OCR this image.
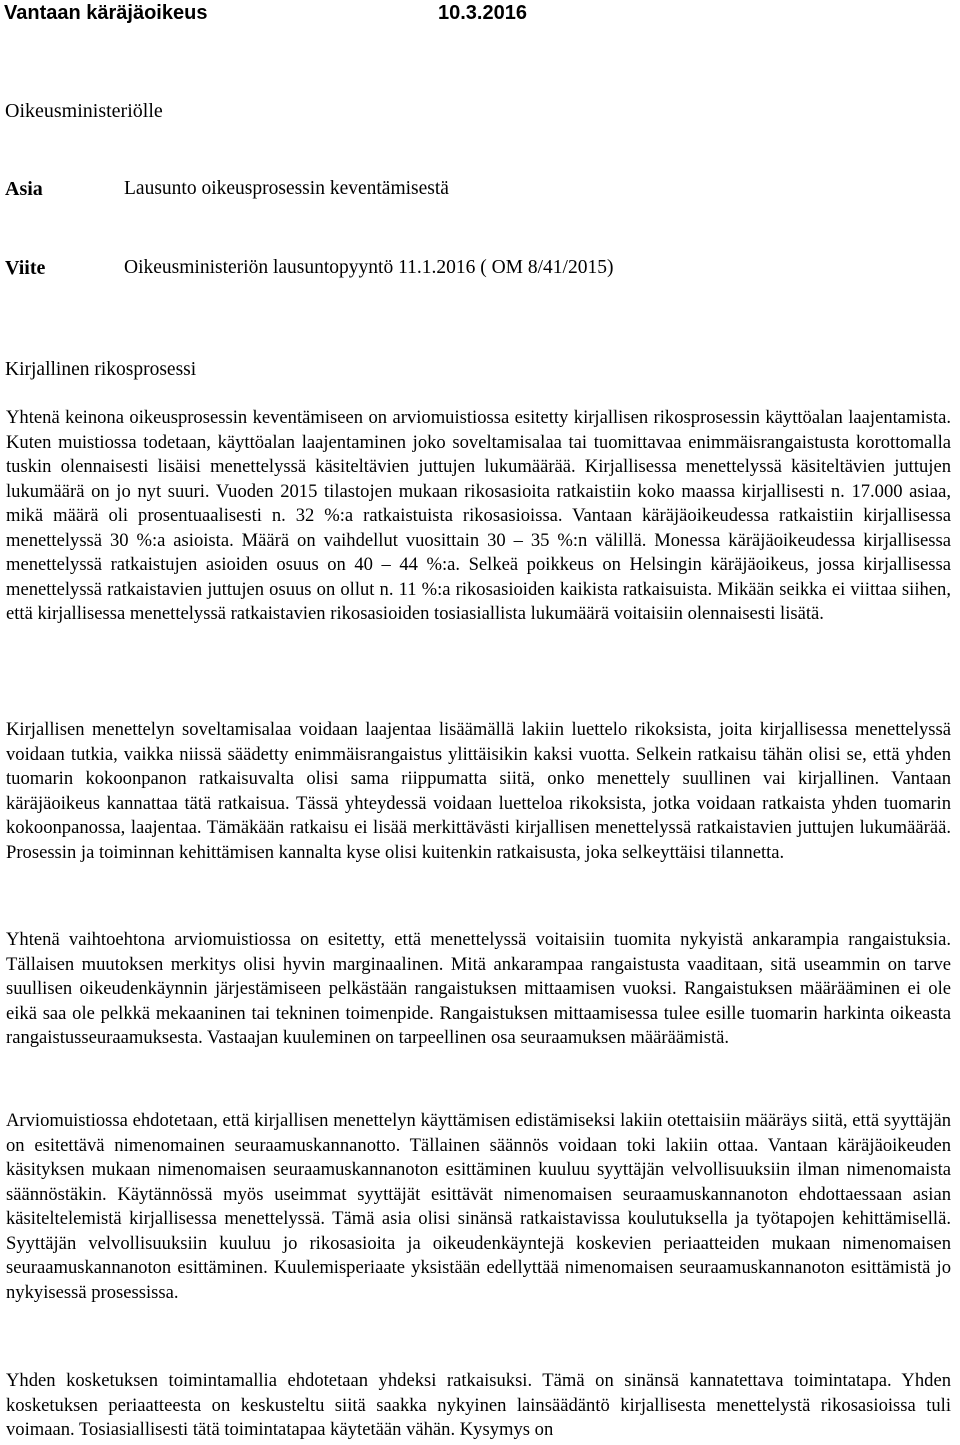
Vantaan käräjäoikeus	10.3.2016
Oikeusministeriölle
Asia	Lausunto oikeusprosessin keventämisestä
Viite	Oikeusministeriön lausuntopyyntö 11.1.2016 ( OM 8/41/2015)
Kirjallinen rikosprosessi
Yhtenä keinona oikeusprosessin keventämiseen on arviomuistiossa esitetty kirjallisen rikosprosessin käyttöalan laajentamista. Kuten muistiossa todetaan, käyttöalan laajentaminen joko soveltamisalaa tai tuomittavaa enimmäisrangaistusta korottomalla tuskin olennaisesti lisäisi menettelyssä käsiteltävien juttujen lukumäärää. Kirjallisessa menettelyssä käsiteltävien juttujen lukumäärä on jo nyt suuri. Vuoden 2015 tilastojen mukaan rikosasioita ratkaistiin koko maassa kirjallisesti n. 17.000 asiaa, mikä määrä oli prosentuaalisesti n. 32 %:a ratkaistuista rikosasioissa. Vantaan käräjäoikeudessa ratkaistiin kirjallisessa menettelyssä 30 %:a asioista. Määrä on vaihdellut vuosittain 30 – 35 %:n välillä. Monessa käräjäoikeudessa kirjallisessa menettelyssä ratkaistujen asioiden osuus on 40 – 44 %:a. Selkeä poikkeus on Helsingin käräjäoikeus, jossa kirjallisessa menettelyssä ratkaistavien juttujen osuus on ollut n. 11 %:a rikosasioiden kaikista ratkaisuista. Mikään seikka ei viittaa siihen, että kirjallisessa menettelyssä ratkaistavien rikosasioiden tosiasiallista lukumäärä voitaisiin olennaisesti lisätä.
Kirjallisen menettelyn soveltamisalaa voidaan laajentaa lisäämällä lakiin luettelo rikoksista, joita kirjallisessa menettelyssä voidaan tutkia, vaikka niissä säädetty enimmäisrangaistus ylittäisikin kaksi vuotta. Selkein ratkaisu tähän olisi se, että yhden tuomarin kokoonpanon ratkaisuvalta olisi sama riippumatta siitä, onko menettely suullinen vai kirjallinen. Vantaan käräjäoikeus kannattaa tätä ratkaisua. Tässä yhteydessä voidaan luetteloa rikoksista, jotka voidaan ratkaista yhden tuomarin kokoonpanossa, laajentaa. Tämäkään ratkaisu ei lisää merkittävästi kirjallisen menettelyssä ratkaistavien juttujen lukumäärää. Prosessin ja toiminnan kehittämisen kannalta kyse olisi kuitenkin ratkaisusta, joka selkeyttäisi tilannetta.
Yhtenä vaihtoehtona arviomuistiossa on esitetty, että menettelyssä voitaisiin tuomita nykyistä ankarampia rangaistuksia. Tällaisen muutoksen merkitys olisi hyvin marginaalinen. Mitä ankarampaa rangaistusta vaaditaan, sitä useammin on tarve suullisen oikeudenkäynnin järjestämiseen pelkästään rangaistuksen mittaamisen vuoksi. Rangaistuksen määrääminen ei ole eikä saa ole pelkkä mekaaninen tai tekninen toimenpide. Rangaistuksen mittaamisessa tulee esille tuomarin harkinta oikeasta rangaistusseuraamuksesta. Vastaajan kuuleminen on tarpeellinen osa seuraamuksen määräämistä.
Arviomuistiossa ehdotetaan, että kirjallisen menettelyn käyttämisen edistämiseksi lakiin otettaisiin määräys siitä, että syyttäjän on esitettävä nimenomainen seuraamuskannanotto. Tällainen säännös voidaan toki lakiin ottaa. Vantaan käräjäoikeuden käsityksen mukaan nimenomaisen seuraamuskannanoton esittäminen kuuluu syyttäjän velvollisuuksiin ilman nimenomaista säännöstäkin. Käytännössä myös useimmat syyttäjät esittävät nimenomaisen seuraamuskannanoton ehdottaessaan asian käsiteltelemistä kirjallisessa menettelyssä. Tämä asia olisi sinänsä ratkaistavissa koulutuksella ja työtapojen kehittämisellä. Syyttäjän velvollisuuksiin kuuluu jo rikosasioita ja oikeudenkäyntejä koskevien periaatteiden mukaan nimenomaisen seuraamuskannanoton esittäminen. Kuulemisperiaate yksistään edellyttää nimenomaisen seuraamuskannanoton esittämistä jo nykyisessä prosessissa.
Yhden kosketuksen toimintamallia ehdotetaan yhdeksi ratkaisuksi. Tämä on sinänsä kannatettava toimintatapa. Yhden kosketuksen periaatteesta on keskusteltu siitä saakka nykyinen lainsäädäntö kirjallisesta menettelystä rikosasioissa tuli voimaan. Tosiasiallisesti tätä toimintatapaa käytetään vähän. Kysymys on
